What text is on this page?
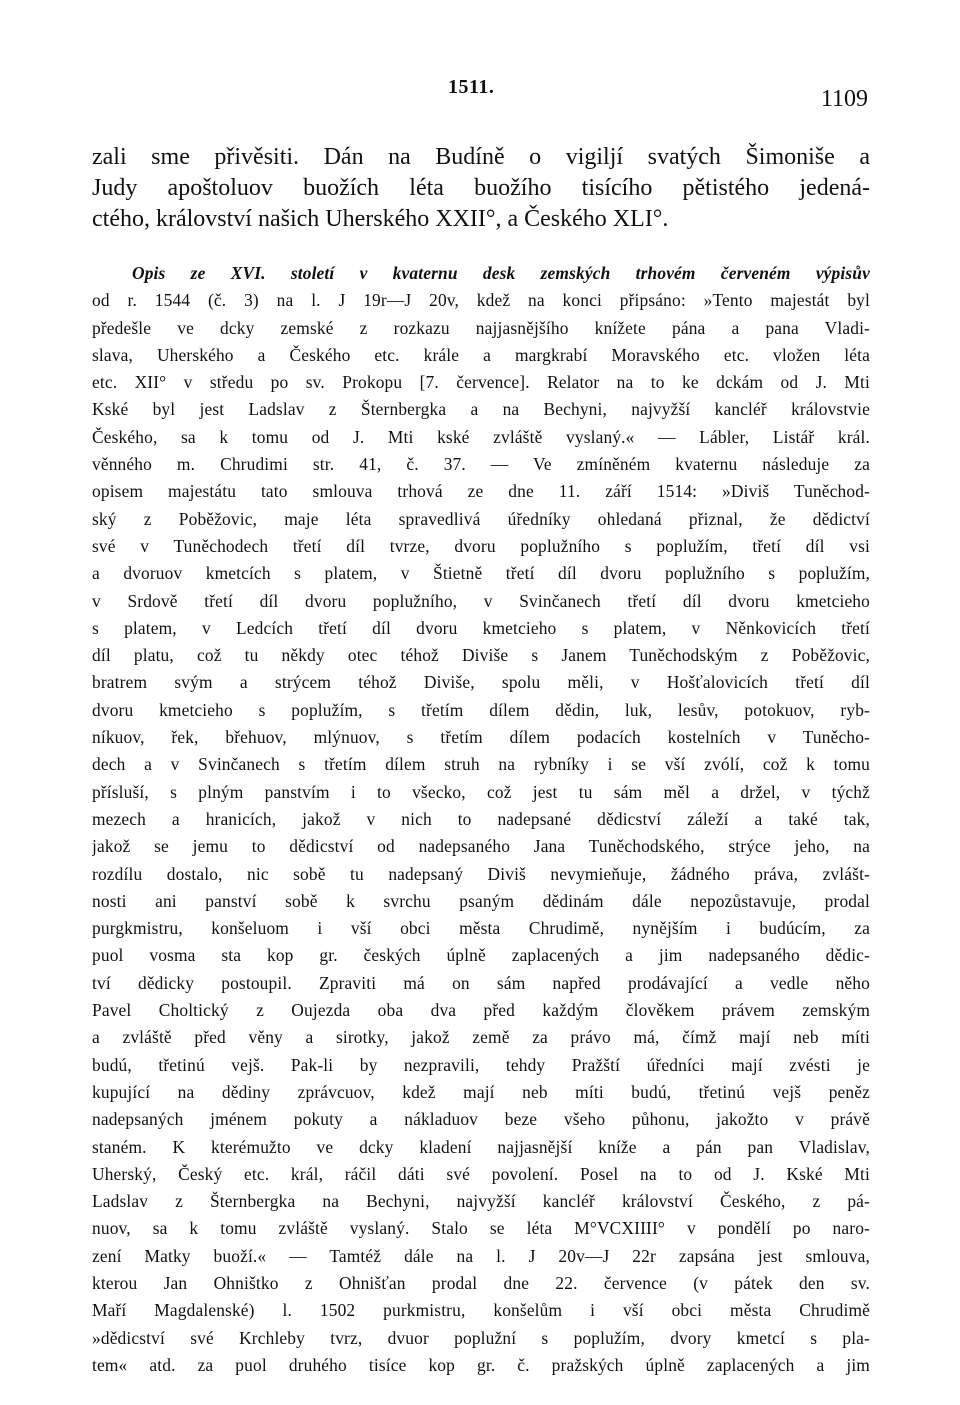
1511.	1109

zali sme přivěsiti. Dán na Budíně o vigiljí svatých Šimoniše a
Judy apoštoluov buožích léta buožího tisícího pětistého jedená-
ctého, království našich Uherského XXII°, a Českého XLI°.

Opis ze XVI. století v kvaternu desk zemských trhovém červeném výpisův
od r. 1544 (č. 3) na l. J 19r—J 20v, kdež na konci připsáno: »Tento majestát byl
předešle ve dcky zemské z rozkazu najjasnějšího knížete pána a pana Vladi-
slava, Uherského a Českého etc. krále a margkrabí Moravského etc. vložen léta
etc. XII° v středu po sv. Prokopu [7. července]. Relator na to ke dckám od J. Mti
Kské byl jest Ladslav z Šternbergka a na Bechyni, najvyžší kancléř královstvie
Českého, sa k tomu od J. Mti kské zvláště vyslaný.« — Lábler, Listář král.
věnného m. Chrudimi str. 41, č. 37. — Ve zmíněném kvaternu následuje za
opisem majestátu tato smlouva trhová ze dne 11. září 1514: »Diviš Tuněchod-
ský z Poběžovic, maje léta spravedlivá úředníky ohledaná přiznal, že dědictví
své v Tuněchodech třetí díl tvrze, dvoru poplužního s poplužím, třetí díl vsi
a dvoruov kmetcích s platem, v Štietně třetí díl dvoru poplužního s poplužím,
v Srdově třetí díl dvoru poplužního, v Svinčanech třetí díl dvoru kmetcieho
s platem, v Ledcích třetí díl dvoru kmetcieho s platem, v Něnkovicích třetí
díl platu, což tu někdy otec téhož Diviše s Janem Tuněchodským z Poběžovic,
bratrem svým a strýcem téhož Diviše, spolu měli, v Hošťalovicích třetí díl
dvoru kmetcieho s poplužím, s třetím dílem dědin, luk, lesův, potokuov, ryb-
níkuov, řek, břehuov, mlýnuov, s třetím dílem podacích kostelních v Tuněcho-
dech a v Svinčanech s třetím dílem struh na rybníky i se vší zvólí, což k tomu
přísluší, s plným panstvím i to všecko, což jest tu sám měl a držel, v týchž
mezech a hranicích, jakož v nich to nadepsané dědicství záleží a také tak,
jakož se jemu to dědicství od nadepsaného Jana Tuněchodského, strýce jeho, na
rozdílu dostalo, nic sobě tu nadepsaný Diviš nevymieňuje, žádného práva, zvlášt-
nosti ani panství sobě k svrchu psaným dědinám dále nepozůstavuje, prodal
purgkmistru, konšeluom i vší obci města Chrudimě, nynějším i budúcím, za
puol vosma sta kop gr. českých úplně zaplacených a jim nadepsaného dědic-
tví dědicky postoupil. Zpraviti má on sám napřed prodávající a vedle něho
Pavel Choltický z Oujezda oba dva před každým člověkem právem zemským
a zvláště před věny a sirotky, jakož země za právo má, čímž mají neb míti
budú, třetinú vejš. Pak-li by nezpravili, tehdy Pražští úředníci mají zvésti je
kupující na dědiny zprávcuov, kdež mají neb míti budú, třetinú vejš peněz
nadepsaných jménem pokuty a nákladuov beze všeho půhonu, jakožto v právě
staném. K kterémužto ve dcky kladení najjasnější kníže a pán pan Vladislav,
Uherský, Český etc. král, ráčil dáti své povolení. Posel na to od J. Kské Mti
Ladslav z Šternbergka na Bechyni, najvyžší kancléř království Českého, z pá-
nuov, sa k tomu zvláště vyslaný. Stalo se léta M°VCXIIII° v pondělí po naro-
zení Matky buoží.« — Tamtéž dále na l. J 20v—J 22r zapsána jest smlouva,
kterou Jan Ohništko z Ohnišťan prodal dne 22. července (v pátek den sv.
Maří Magdalenské) l. 1502 purkmistru, konšelům i vší obci města Chrudimě
»dědicství své Krchleby tvrz, dvuor poplužní s poplužím, dvory kmetcí s pla-
tem« atd. za puol druhého tisíce kop gr. č. pražských úplně zaplacených a jim
